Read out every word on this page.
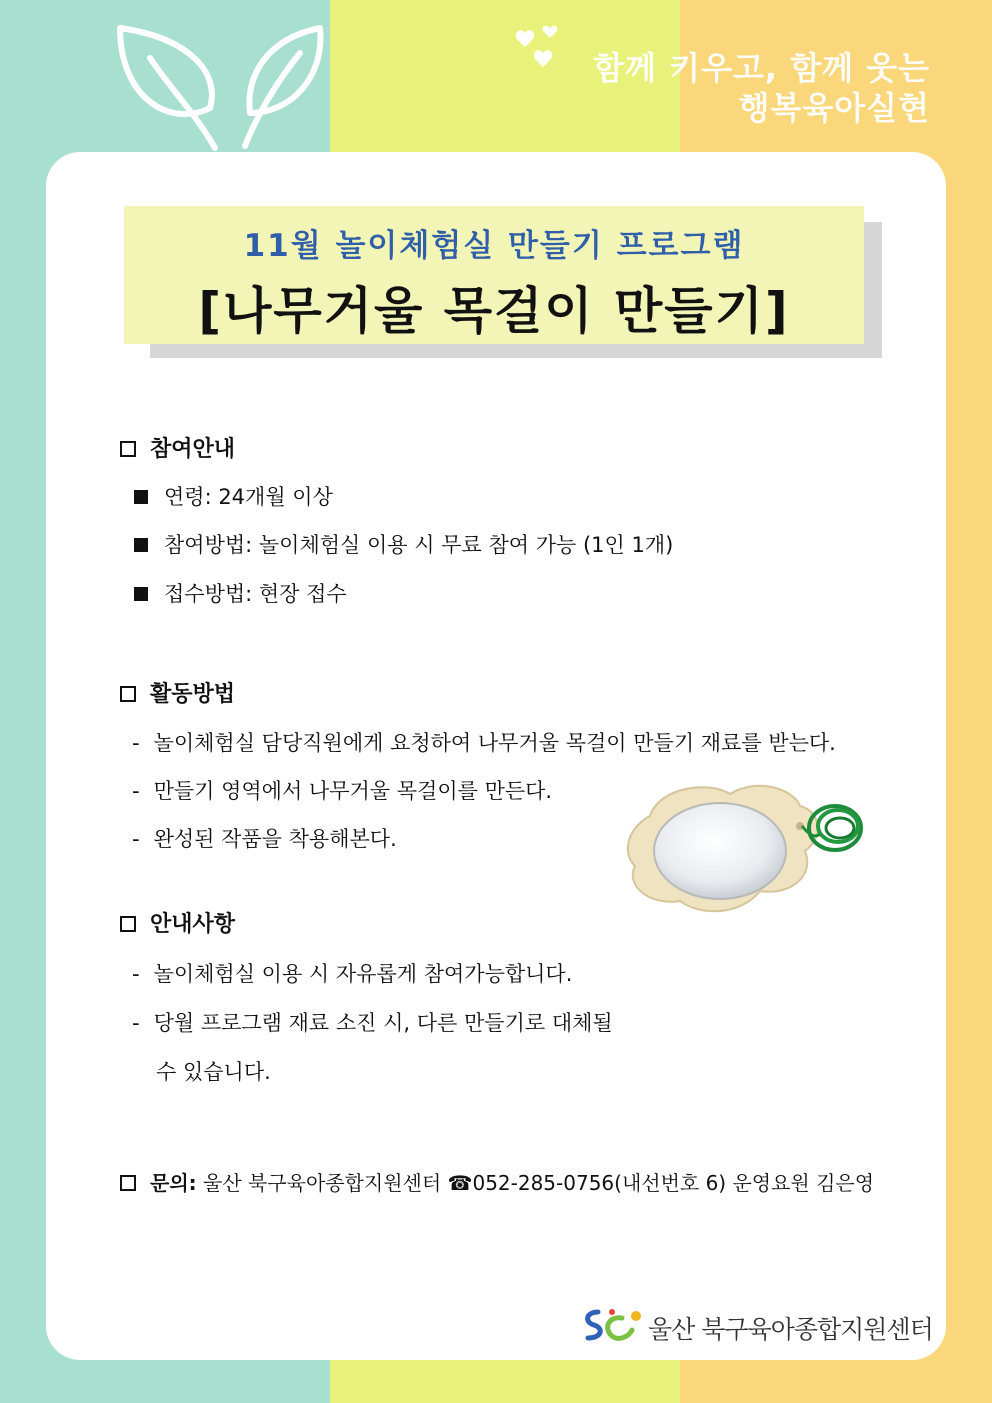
함께 키우고, 함께 웃는
행복육아실현
11월 놀이체험실 만들기 프로그램
[나무거울 목걸이 만들기]
참여안내
연령: 24개월 이상
참여방법: 놀이체험실 이용 시 무료 참여 가능 (1인 1개)
접수방법: 현장 접수
활동방법
- 놀이체험실 담당직원에게 요청하여 나무거울 목걸이 만들기 재료를 받는다.
- 만들기 영역에서 나무거울 목걸이를 만든다.
- 완성된 작품을 착용해본다.
안내사항
- 놀이체험실 이용 시 자유롭게 참여가능합니다.
- 당월 프로그램 재료 소진 시, 다른 만들기로 대체될
수 있습니다.
문의: 울산 북구육아종합지원센터 ☎052-285-0756(내선번호 6) 운영요원 김은영
울산 북구육아종합지원센터
